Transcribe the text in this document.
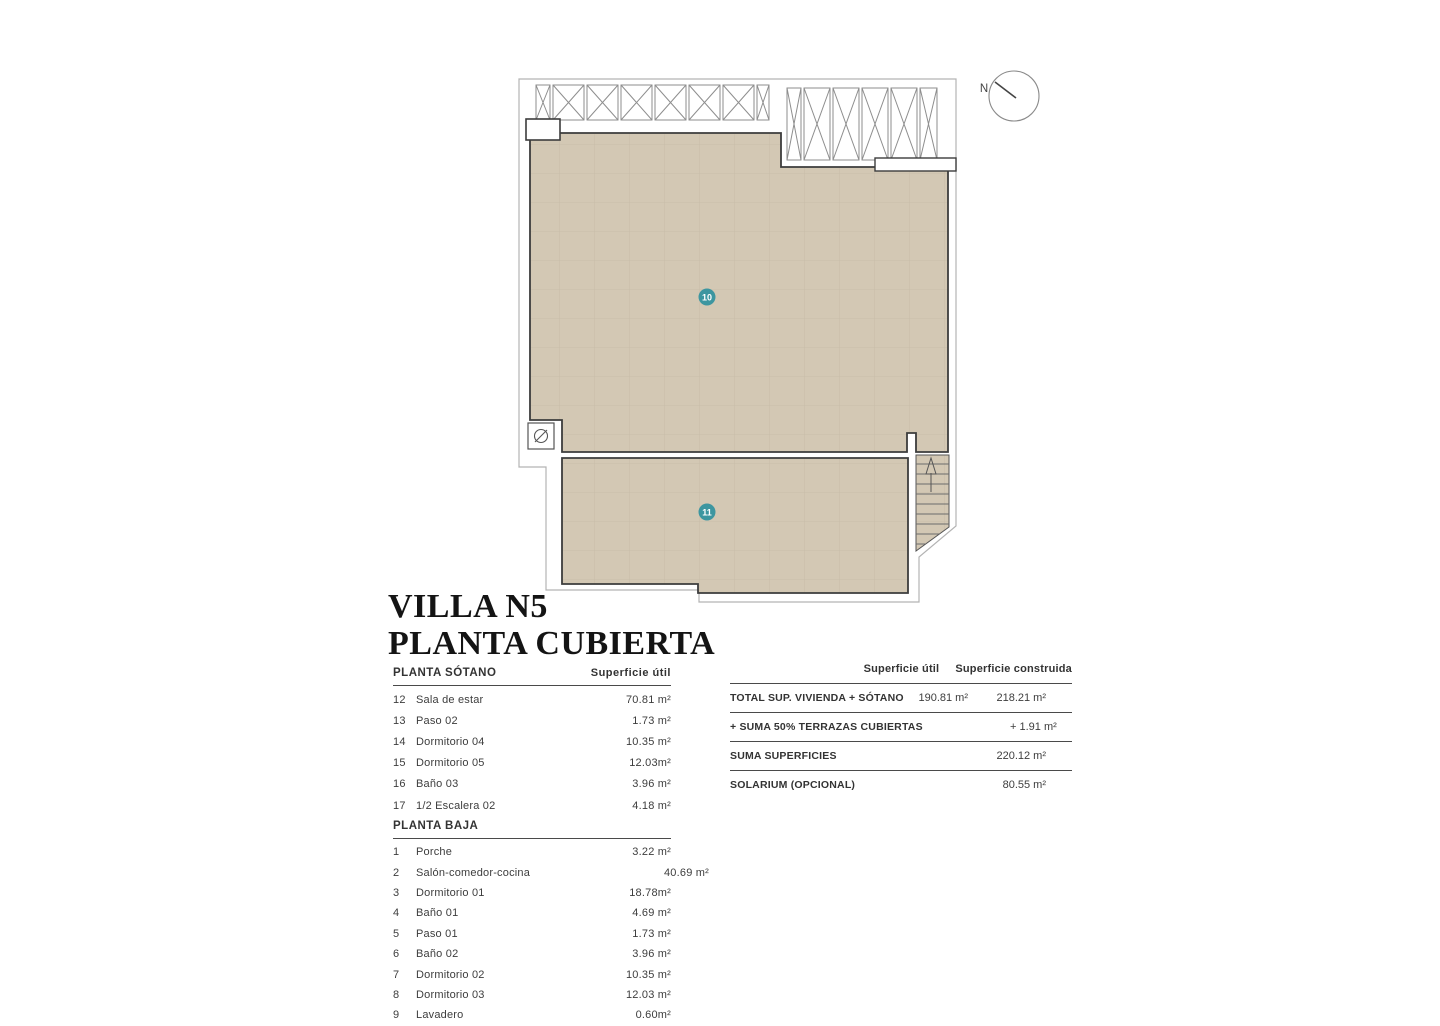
10
11
N
VILLA N5
PLANTA CUBIERTA
PLANTA SÓTANO	Superficie útil
12 Sala de estar	70.81 m²
13 Paso 02	1.73 m²
14 Dormitorio 04	10.35 m²
15 Dormitorio 05	12.03m²
16 Baño 03	3.96 m²
17 1/2 Escalera 02	4.18 m²
PLANTA BAJA
1	Porche	3.22 m²
2	Salón-comedor-cocina	40.69 m²
3	Dormitorio 01	18.78m²
4	Baño 01	4.69 m²
5	Paso 01	1.73 m²
6	Baño 02	3.96 m²
7	Dormitorio 02	10.35 m²
8	Dormitorio 03	12.03 m²
9	Lavadero	0.60m²
Superficie útil Superficie construida
TOTAL SUP. VIVIENDA + SÓTANO	190.81 m²	218.21 m²
+ SUMA 50% TERRAZAS CUBIERTAS	+ 1.91 m²
SUMA SUPERFICIES	220.12 m²
SOLARIUM (OPCIONAL)	80.55 m²
